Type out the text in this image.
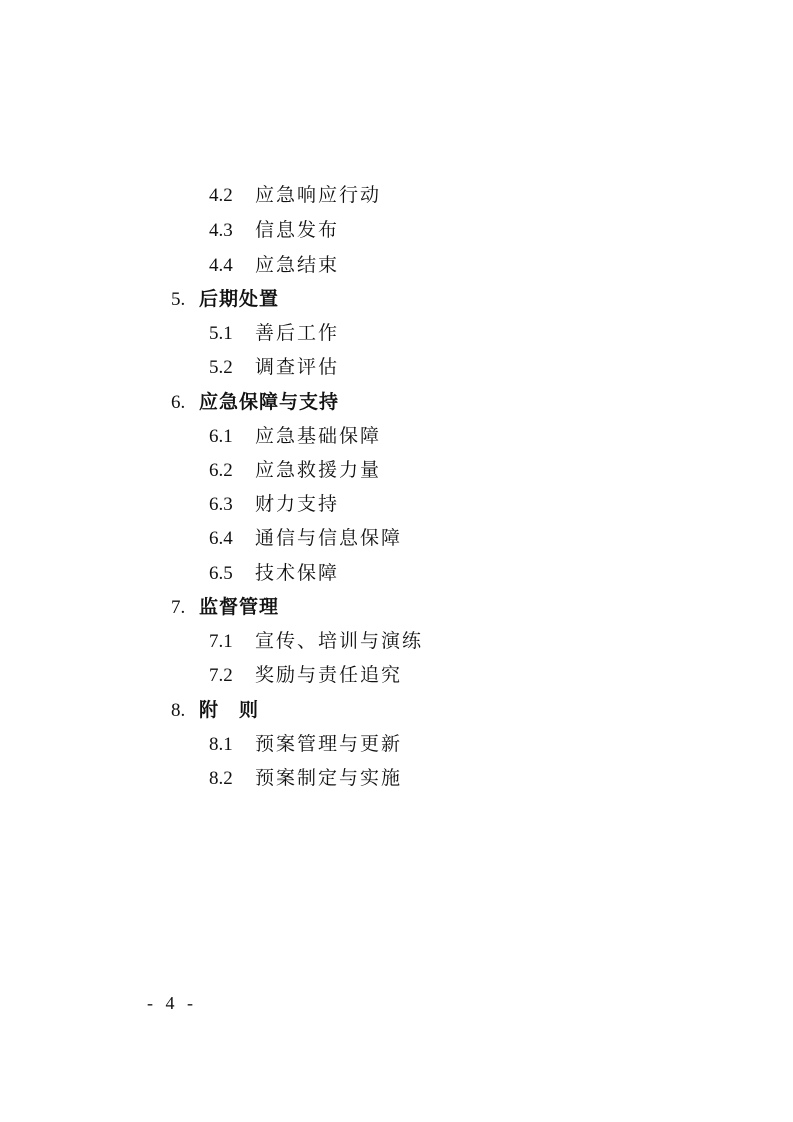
4.2 应急响应行动
4.3 信息发布
4.4 应急结束
5. 后期处置
5.1 善后工作
5.2 调查评估
6. 应急保障与支持
6.1 应急基础保障
6.2 应急救援力量
6.3 财力支持
6.4 通信与信息保障
6.5 技术保障
7. 监督管理
7.1 宣传、培训与演练
7.2 奖励与责任追究
8. 附　则
8.1 预案管理与更新
8.2 预案制定与实施
- 4 -
